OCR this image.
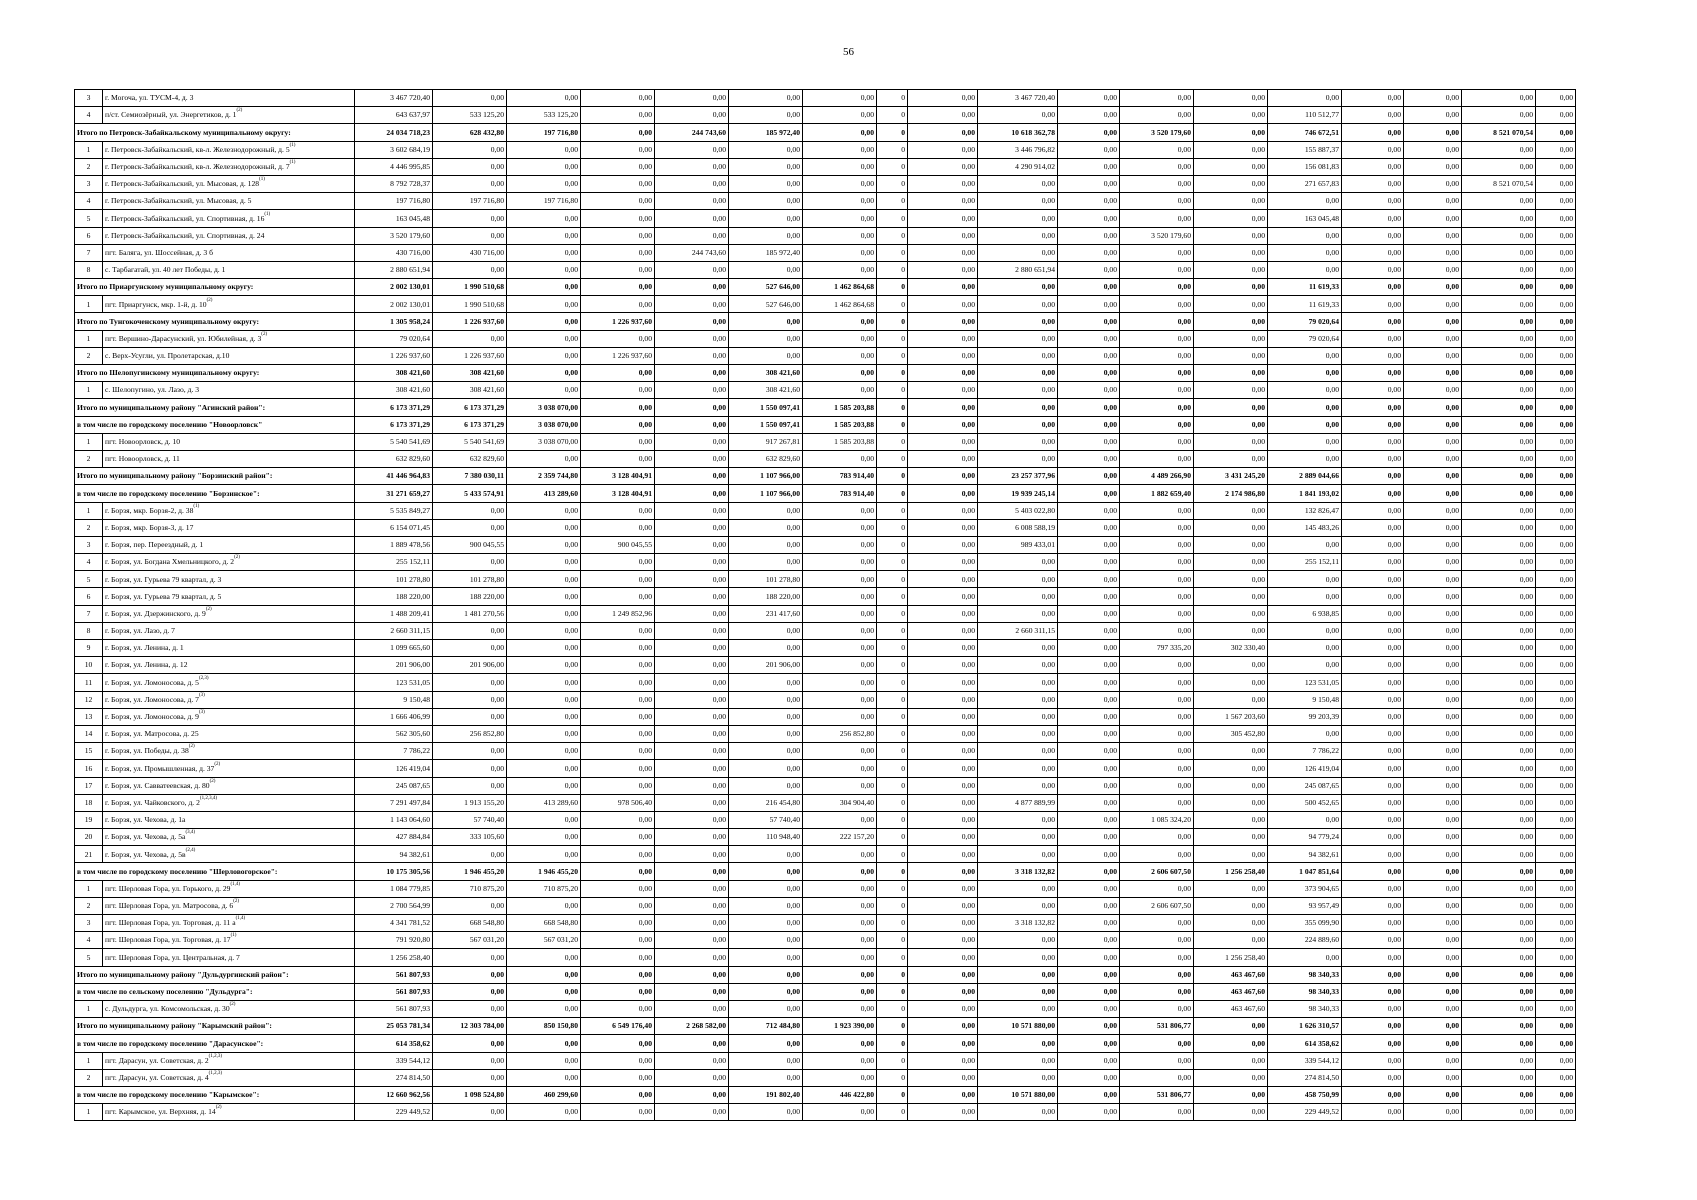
56
3	г. Могоча, ул. ТУСМ-4, д. 3	3 467 720,40	0,00	0,00	0,00	0,00	0,00	0,00	0	0,00	3 467 720,40	0,00	0,00	0,00	0,00	0,00	0,00	0,00	0,00
4	п/ст. Семиозёрный, ул. Энергетиков, д. 1$^{(2)}$	643 637,97	533 125,20	533 125,20	0,00	0,00	0,00	0,00	0	0,00	0,00	0,00	0,00	0,00	110 512,77	0,00	0,00	0,00	0,00
Итого по Петровск-Забайкальскому муниципальному округу:		24 034 718,23	628 432,80	197 716,80	0,00	244 743,60	185 972,40	0,00	0	0,00	10 618 362,78	0,00	3 520 179,60	0,00	746 672,51	0,00	0,00	8 521 070,54	0,00
1	г. Петровск-Забайкальский, кв-л. Железнодорожный, д. 5$^{(1)}$	3 602 684,19	0,00	0,00	0,00	0,00	0,00	0,00	0	0,00	3 446 796,82	0,00	0,00	0,00	155 887,37	0,00	0,00	0,00	0,00
2	г. Петровск-Забайкальский, кв-л. Железнодорожный, д. 7$^{(1)}$	4 446 995,85	0,00	0,00	0,00	0,00	0,00	0,00	0	0,00	4 290 914,02	0,00	0,00	0,00	156 081,83	0,00	0,00	0,00	0,00
3	г. Петровск-Забайкальский, ул. Мысовая, д. 128$^{(1)}$	8 792 728,37	0,00	0,00	0,00	0,00	0,00	0,00	0	0,00	0,00	0,00	0,00	0,00	271 657,83	0,00	0,00	8 521 070,54	0,00
4	г. Петровск-Забайкальский, ул. Мысовая, д. 5	197 716,80	197 716,80	197 716,80	0,00	0,00	0,00	0,00	0	0,00	0,00	0,00	0,00	0,00	0,00	0,00	0,00	0,00	0,00
5	г. Петровск-Забайкальский, ул. Спортивная, д. 16$^{(1)}$	163 045,48	0,00	0,00	0,00	0,00	0,00	0,00	0	0,00	0,00	0,00	0,00	0,00	163 045,48	0,00	0,00	0,00	0,00
6	г. Петровск-Забайкальский, ул. Спортивная, д. 24	3 520 179,60	0,00	0,00	0,00	0,00	0,00	0,00	0	0,00	0,00	0,00	3 520 179,60	0,00	0,00	0,00	0,00	0,00	0,00
7	пгт. Балягa, ул. Шоссейная, д. 3 б	430 716,00	430 716,00	0,00	0,00	244 743,60	185 972,40	0,00	0	0,00	0,00	0,00	0,00	0,00	0,00	0,00	0,00	0,00	0,00
8	с. Тарбагатай, ул. 40 лет Победы, д. 1	2 880 651,94	0,00	0,00	0,00	0,00	0,00	0,00	0	0,00	2 880 651,94	0,00	0,00	0,00	0,00	0,00	0,00	0,00	0,00
Итого по Приаргунскому муниципальному округу:		2 002 130,01	1 990 510,68	0,00	0,00	0,00	527 646,00	1 462 864,68	0	0,00	0,00	0,00	0,00	0,00	11 619,33	0,00	0,00	0,00	0,00
1	пгт. Приаргунск, мкр. 1-й, д. 10$^{(2)}$	2 002 130,01	1 990 510,68	0,00	0,00	0,00	527 646,00	1 462 864,68	0	0,00	0,00	0,00	0,00	0,00	11 619,33	0,00	0,00	0,00	0,00
Итого по Тунгокоченскому муниципальному округу:		1 305 958,24	1 226 937,60	0,00	1 226 937,60	0,00	0,00	0,00	0	0,00	0,00	0,00	0,00	0,00	79 020,64	0,00	0,00	0,00	0,00
1	пгт. Вершино-Дарасунский, ул. Юбилейная, д. 3$^{(2)}$	79 020,64	0,00	0,00	0,00	0,00	0,00	0,00	0	0,00	0,00	0,00	0,00	0,00	79 020,64	0,00	0,00	0,00	0,00
2	с. Верх-Усугли, ул. Пролетарская, д.10	1 226 937,60	1 226 937,60	0,00	1 226 937,60	0,00	0,00	0,00	0	0,00	0,00	0,00	0,00	0,00	0,00	0,00	0,00	0,00	0,00
Итого по Шелопугинскому муниципальному округу:		308 421,60	308 421,60	0,00	0,00	0,00	308 421,60	0,00	0	0,00	0,00	0,00	0,00	0,00	0,00	0,00	0,00	0,00	0,00
1	с. Шелопугино, ул. Лазо, д. 3	308 421,60	308 421,60	0,00	0,00	0,00	308 421,60	0,00	0	0,00	0,00	0,00	0,00	0,00	0,00	0,00	0,00	0,00	0,00
Итого по муниципальному району "Агинский район":		6 173 371,29	6 173 371,29	3 038 070,00	0,00	0,00	1 550 097,41	1 585 203,88	0	0,00	0,00	0,00	0,00	0,00	0,00	0,00	0,00	0,00	0,00
в том числе по городскому поселению "Новоорловск"		6 173 371,29	6 173 371,29	3 038 070,00	0,00	0,00	1 550 097,41	1 585 203,88	0	0,00	0,00	0,00	0,00	0,00	0,00	0,00	0,00	0,00	0,00
1	пгт. Новоорловск, д. 10	5 540 541,69	5 540 541,69	3 038 070,00	0,00	0,00	917 267,81	1 585 203,88	0	0,00	0,00	0,00	0,00	0,00	0,00	0,00	0,00	0,00	0,00
2	пгт. Новоорловск, д. 11	632 829,60	632 829,60	0,00	0,00	0,00	632 829,60	0,00	0	0,00	0,00	0,00	0,00	0,00	0,00	0,00	0,00	0,00	0,00
Итого по муниципальному району "Борзинский район":		41 446 964,83	7 380 030,11	2 359 744,80	3 128 404,91	0,00	1 107 966,00	783 914,40	0	0,00	23 257 377,96	0,00	4 489 266,90	3 431 245,20	2 889 044,66	0,00	0,00	0,00	0,00
в том числе по городскому поселению "Борзинское":		31 271 659,27	5 433 574,91	413 289,60	3 128 404,91	0,00	1 107 966,00	783 914,40	0	0,00	19 939 245,14	0,00	1 882 659,40	2 174 986,80	1 841 193,02	0,00	0,00	0,00	0,00
1	г. Борзя, мкр. Борзя-2, д. 38$^{(1)}$	5 535 849,27	0,00	0,00	0,00	0,00	0,00	0,00	0	0,00	5 403 022,80	0,00	0,00	0,00	132 826,47	0,00	0,00	0,00	0,00
2	г. Борзя, мкр. Борзя-3, д. 17	6 154 071,45	0,00	0,00	0,00	0,00	0,00	0,00	0	0,00	6 008 588,19	0,00	0,00	0,00	145 483,26	0,00	0,00	0,00	0,00
3	г. Борзя, пер. Переездный, д. 1	1 889 478,56	900 045,55	0,00	900 045,55	0,00	0,00	0,00	0	0,00	989 433,01	0,00	0,00	0,00	0,00	0,00	0,00	0,00	0,00
4	г. Борзя, ул. Богдана Хмельницкого, д. 2$^{(2)}$	255 152,11	0,00	0,00	0,00	0,00	0,00	0,00	0	0,00	0,00	0,00	0,00	0,00	255 152,11	0,00	0,00	0,00	0,00
5	г. Борзя, ул. Гурьева 79 квартал, д. 3	101 278,80	101 278,80	0,00	0,00	0,00	101 278,80	0,00	0	0,00	0,00	0,00	0,00	0,00	0,00	0,00	0,00	0,00	0,00
6	г. Борзя, ул. Гурьева 79 квартал, д. 5	188 220,00	188 220,00	0,00	0,00	0,00	188 220,00	0,00	0	0,00	0,00	0,00	0,00	0,00	0,00	0,00	0,00	0,00	0,00
7	г. Борзя, ул. Дзержинского, д. 9$^{(2)}$	1 488 209,41	1 481 270,56	0,00	1 249 852,96	0,00	231 417,60	0,00	0	0,00	0,00	0,00	0,00	0,00	6 938,85	0,00	0,00	0,00	0,00
8	г. Борзя, ул. Лазо, д. 7	2 660 311,15	0,00	0,00	0,00	0,00	0,00	0,00	0	0,00	2 660 311,15	0,00	0,00	0,00	0,00	0,00	0,00	0,00	0,00
9	г. Борзя, ул. Ленина, д. 1	1 099 665,60	0,00	0,00	0,00	0,00	0,00	0,00	0	0,00	0,00	0,00	797 335,20	302 330,40	0,00	0,00	0,00	0,00	0,00
10	г. Борзя, ул. Ленина, д. 12	201 906,00	201 906,00	0,00	0,00	0,00	201 906,00	0,00	0	0,00	0,00	0,00	0,00	0,00	0,00	0,00	0,00	0,00	0,00
11	г. Борзя, ул. Ломоносова, д. 5$^{(2,3)}$	123 531,05	0,00	0,00	0,00	0,00	0,00	0,00	0	0,00	0,00	0,00	0,00	0,00	123 531,05	0,00	0,00	0,00	0,00
12	г. Борзя, ул. Ломоносова, д. 7$^{(3)}$	9 150,48	0,00	0,00	0,00	0,00	0,00	0,00	0	0,00	0,00	0,00	0,00	0,00	9 150,48	0,00	0,00	0,00	0,00
13	г. Борзя, ул. Ломоносова, д. 9$^{(3)}$	1 666 406,99	0,00	0,00	0,00	0,00	0,00	0,00	0	0,00	0,00	0,00	0,00	1 567 203,60	99 203,39	0,00	0,00	0,00	0,00
14	г. Борзя, ул. Матросова, д. 25	562 305,60	256 852,80	0,00	0,00	0,00	0,00	256 852,80	0	0,00	0,00	0,00	0,00	305 452,80	0,00	0,00	0,00	0,00	0,00
15	г. Борзя, ул. Победы, д. 38$^{(2)}$	7 786,22	0,00	0,00	0,00	0,00	0,00	0,00	0	0,00	0,00	0,00	0,00	0,00	7 786,22	0,00	0,00	0,00	0,00
16	г. Борзя, ул. Промышленная, д. 37$^{(2)}$	126 419,04	0,00	0,00	0,00	0,00	0,00	0,00	0	0,00	0,00	0,00	0,00	0,00	126 419,04	0,00	0,00	0,00	0,00
17	г. Борзя, ул. Савватеевская, д. 80$^{(2)}$	245 087,65	0,00	0,00	0,00	0,00	0,00	0,00	0	0,00	0,00	0,00	0,00	0,00	245 087,65	0,00	0,00	0,00	0,00
18	г. Борзя, ул. Чайковского, д. 2$^{(1,2,3,4)}$	7 291 497,84	1 913 155,20	413 289,60	978 506,40	0,00	216 454,80	304 904,40	0	0,00	4 877 889,99	0,00	0,00	0,00	500 452,65	0,00	0,00	0,00	0,00
19	г. Борзя, ул. Чехова, д. 1а	1 143 064,60	57 740,40	0,00	0,00	0,00	57 740,40	0,00	0	0,00	0,00	0,00	1 085 324,20	0,00	0,00	0,00	0,00	0,00	0,00
20	г. Борзя, ул. Чехова, д. $5а^{(3,4)}$	427 884,84	333 105,60	0,00	0,00	0,00	110 948,40	222 157,20	0	0,00	0,00	0,00	0,00	0,00	94 779,24	0,00	0,00	0,00	0,00
21	г. Борзя, ул. Чехова, д. $5в^{(2,4)}$	94 382,61	0,00	0,00	0,00	0,00	0,00	0,00	0	0,00	0,00	0,00	0,00	0,00	94 382,61	0,00	0,00	0,00	0,00
в том числе по городскому поселению "Шерловогорское":		10 175 305,56	1 946 455,20	1 946 455,20	0,00	0,00	0,00	0,00	0	0,00	3 318 132,82	0,00	2 606 607,50	1 256 258,40	1 047 851,64	0,00	0,00	0,00	0,00
1	пгт. Шерловая Гора, ул. Горького, д. 29$^{(1,4)}$	1 084 779,85	710 875,20	710 875,20	0,00	0,00	0,00	0,00	0	0,00	0,00	0,00	0,00	0,00	373 904,65	0,00	0,00	0,00	0,00
2	пгт. Шерловая Гора, ул. Матросова, д. 6$^{(2)}$	2 700 564,99	0,00	0,00	0,00	0,00	0,00	0,00	0	0,00	0,00	0,00	2 606 607,50	0,00	93 957,49	0,00	0,00	0,00	0,00
3	пгт. Шерловая Гора, ул. Торговая, д. 11 $а^{(1,4)}$	4 341 781,52	668 548,80	668 548,80	0,00	0,00	0,00	0,00	0	0,00	3 318 132,82	0,00	0,00	0,00	355 099,90	0,00	0,00	0,00	0,00
4	пгт. Шерловая Гора, ул. Торговая, д. 17$^{(1)}$	791 920,80	567 031,20	567 031,20	0,00	0,00	0,00	0,00	0	0,00	0,00	0,00	0,00	0,00	224 889,60	0,00	0,00	0,00	0,00
5	пгт. Шерловая Гора, ул. Центральная, д. 7	1 256 258,40	0,00	0,00	0,00	0,00	0,00	0,00	0	0,00	0,00	0,00	0,00	1 256 258,40	0,00	0,00	0,00	0,00	0,00
Итого по муниципальному району "Дульдургинский район":		561 807,93	0,00	0,00	0,00	0,00	0,00	0,00	0	0,00	0,00	0,00	0,00	463 467,60	98 340,33	0,00	0,00	0,00	0,00
в том числе по сельскому поселению "Дульдурга":		561 807,93	0,00	0,00	0,00	0,00	0,00	0,00	0	0,00	0,00	0,00	0,00	463 467,60	98 340,33	0,00	0,00	0,00	0,00
1	с. Дульдурга, ул. Комсомольская, д. 30$^{(2)}$	561 807,93	0,00	0,00	0,00	0,00	0,00	0,00	0	0,00	0,00	0,00	0,00	463 467,60	98 340,33	0,00	0,00	0,00	0,00
Итого по муниципальному району "Карымский район":		25 053 781,34	12 303 784,00	850 150,80	6 549 176,40	2 268 582,00	712 484,80	1 923 390,00	0	0,00	10 571 880,00	0,00	531 806,77	0,00	1 626 310,57	0,00	0,00	0,00	0,00
в том числе по городскому поселению "Дарасунское":		614 358,62	0,00	0,00	0,00	0,00	0,00	0,00	0	0,00	0,00	0,00	0,00	0,00	614 358,62	0,00	0,00	0,00	0,00
1	пгт. Дарасун, ул. Советская, д. 2$^{(1,2,3)}$	339 544,12	0,00	0,00	0,00	0,00	0,00	0,00	0	0,00	0,00	0,00	0,00	0,00	339 544,12	0,00	0,00	0,00	0,00
2	пгт. Дарасун, ул. Советская, д. 4$^{(1,2,3)}$	274 814,50	0,00	0,00	0,00	0,00	0,00	0,00	0	0,00	0,00	0,00	0,00	0,00	274 814,50	0,00	0,00	0,00	0,00
в том числе по городскому поселению "Карымское":		12 660 962,56	1 098 524,80	460 299,60	0,00	0,00	191 802,40	446 422,80	0	0,00	10 571 880,00	0,00	531 806,77	0,00	458 750,99	0,00	0,00	0,00	0,00
1	пгт. Карымское, ул. Верхняя, д. 14$^{(2)}$	229 449,52	0,00	0,00	0,00	0,00	0,00	0,00	0	0,00	0,00	0,00	0,00	0,00	229 449,52	0,00	0,00	0,00	0,00
